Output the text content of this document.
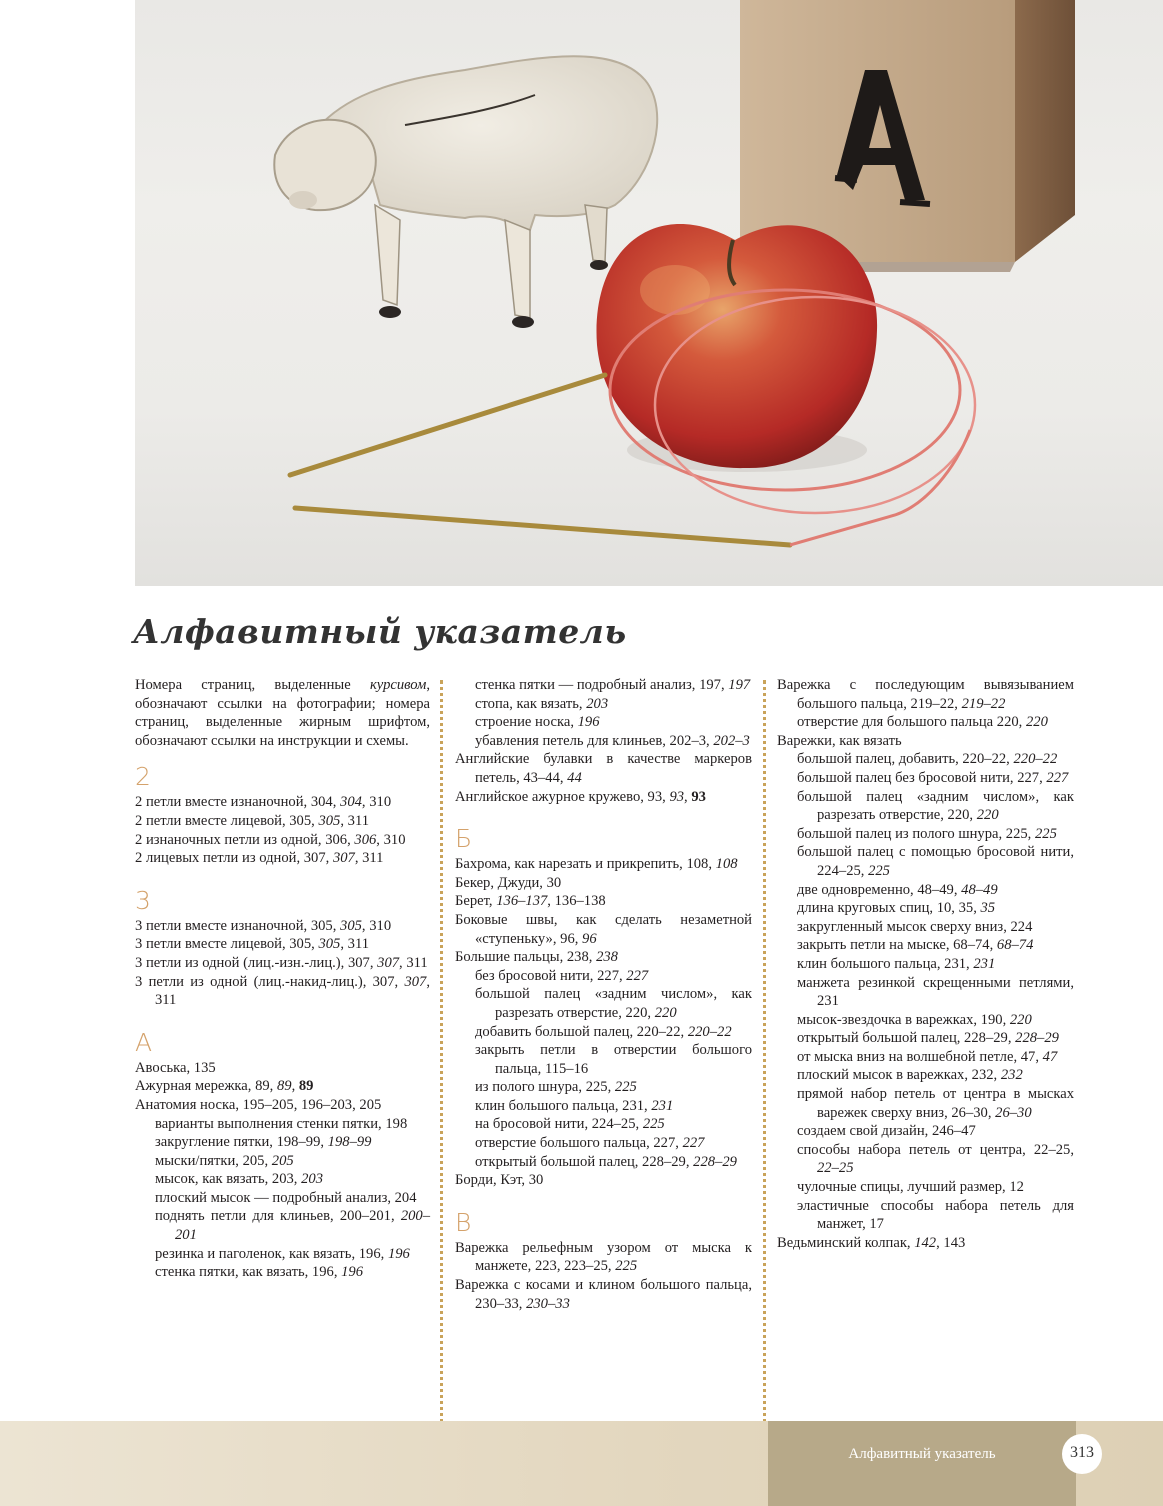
Алфавитный указатель

Номера страниц, выделенные курсивом, обозначают ссылки на фотографии; номера страниц, выделенные жирным шрифтом, обозначают ссылки на инструкции и схемы.

2
2 петли вместе изнаночной, 304, 304, 310
2 петли вместе лицевой, 305, 305, 311
2 изнаночных петли из одной, 306, 306, 310
2 лицевых петли из одной, 307, 307, 311
3
3 петли вместе изнаночной, 305, 305, 310
3 петли вместе лицевой, 305, 305, 311
3 петли из одной (лиц.-изн.-лиц.), 307, 307, 311
3 петли из одной (лиц.-накид-лиц.), 307, 307, 311
А
Авоська, 135
Ажурная мережка, 89, 89, 89
Анатомия носка, 195–205, 196–203, 205
варианты выполнения стенки пятки, 198
закругление пятки, 198–99, 198–99
мыски/пятки, 205, 205
мысок, как вязать, 203, 203
плоский мысок — подробный анализ, 204
поднять петли для клиньев, 200–201, 200–201
резинка и паголенок, как вязать, 196, 196
стенка пятки, как вязать, 196, 196
стенка пятки — подробный анализ, 197, 197
стопа, как вязать, 203
строение носка, 196
убавления петель для клиньев, 202–3, 202–3
Английские булавки в качестве маркеров петель, 43–44, 44
Английское ажурное кружево, 93, 93, 93
Б
Бахрома, как нарезать и прикрепить, 108, 108
Бекер, Джуди, 30
Берет, 136–137, 136–138
Боковые швы, как сделать незаметной «ступеньку», 96, 96
Большие пальцы, 238, 238
без бросовой нити, 227, 227
большой палец «задним числом», как разрезать отверстие, 220, 220
добавить большой палец, 220–22, 220–22
закрыть петли в отверстии большого пальца, 115–16
из полого шнура, 225, 225
клин большого пальца, 231, 231
на бросовой нити, 224–25, 225
отверстие большого пальца, 227, 227
открытый большой палец, 228–29, 228–29
Борди, Кэт, 30
В
Варежка рельефным узором от мыска к манжете, 223, 223–25, 225
Варежка с косами и клином большого пальца, 230–33, 230–33
Варежка с последующим вывязыванием большого пальца, 219–22, 219–22
отверстие для большого пальца 220, 220
Варежки, как вязать
большой палец, добавить, 220–22, 220–22
большой палец без бросовой нити, 227, 227
большой палец «задним числом», как разрезать отверстие, 220, 220
большой палец из полого шнура, 225, 225
большой палец с помощью бросовой нити, 224–25, 225
две одновременно, 48–49, 48–49
длина круговых спиц, 10, 35, 35
закругленный мысок сверху вниз, 224
закрыть петли на мыске, 68–74, 68–74
клин большого пальца, 231, 231
манжета резинкой скрещенными петлями, 231
мысок-звездочка в варежках, 190, 220
открытый большой палец, 228–29, 228–29
от мыска вниз на волшебной петле, 47, 47
плоский мысок в варежках, 232, 232
прямой набор петель от центра в мысках варежек сверху вниз, 26–30, 26–30
создаем свой дизайн, 246–47
способы набора петель от центра, 22–25, 22–25
чулочные спицы, лучший размер, 12
эластичные способы набора петель для манжет, 17
Ведьминский колпак, 142, 143
Алфавитный указатель	313
